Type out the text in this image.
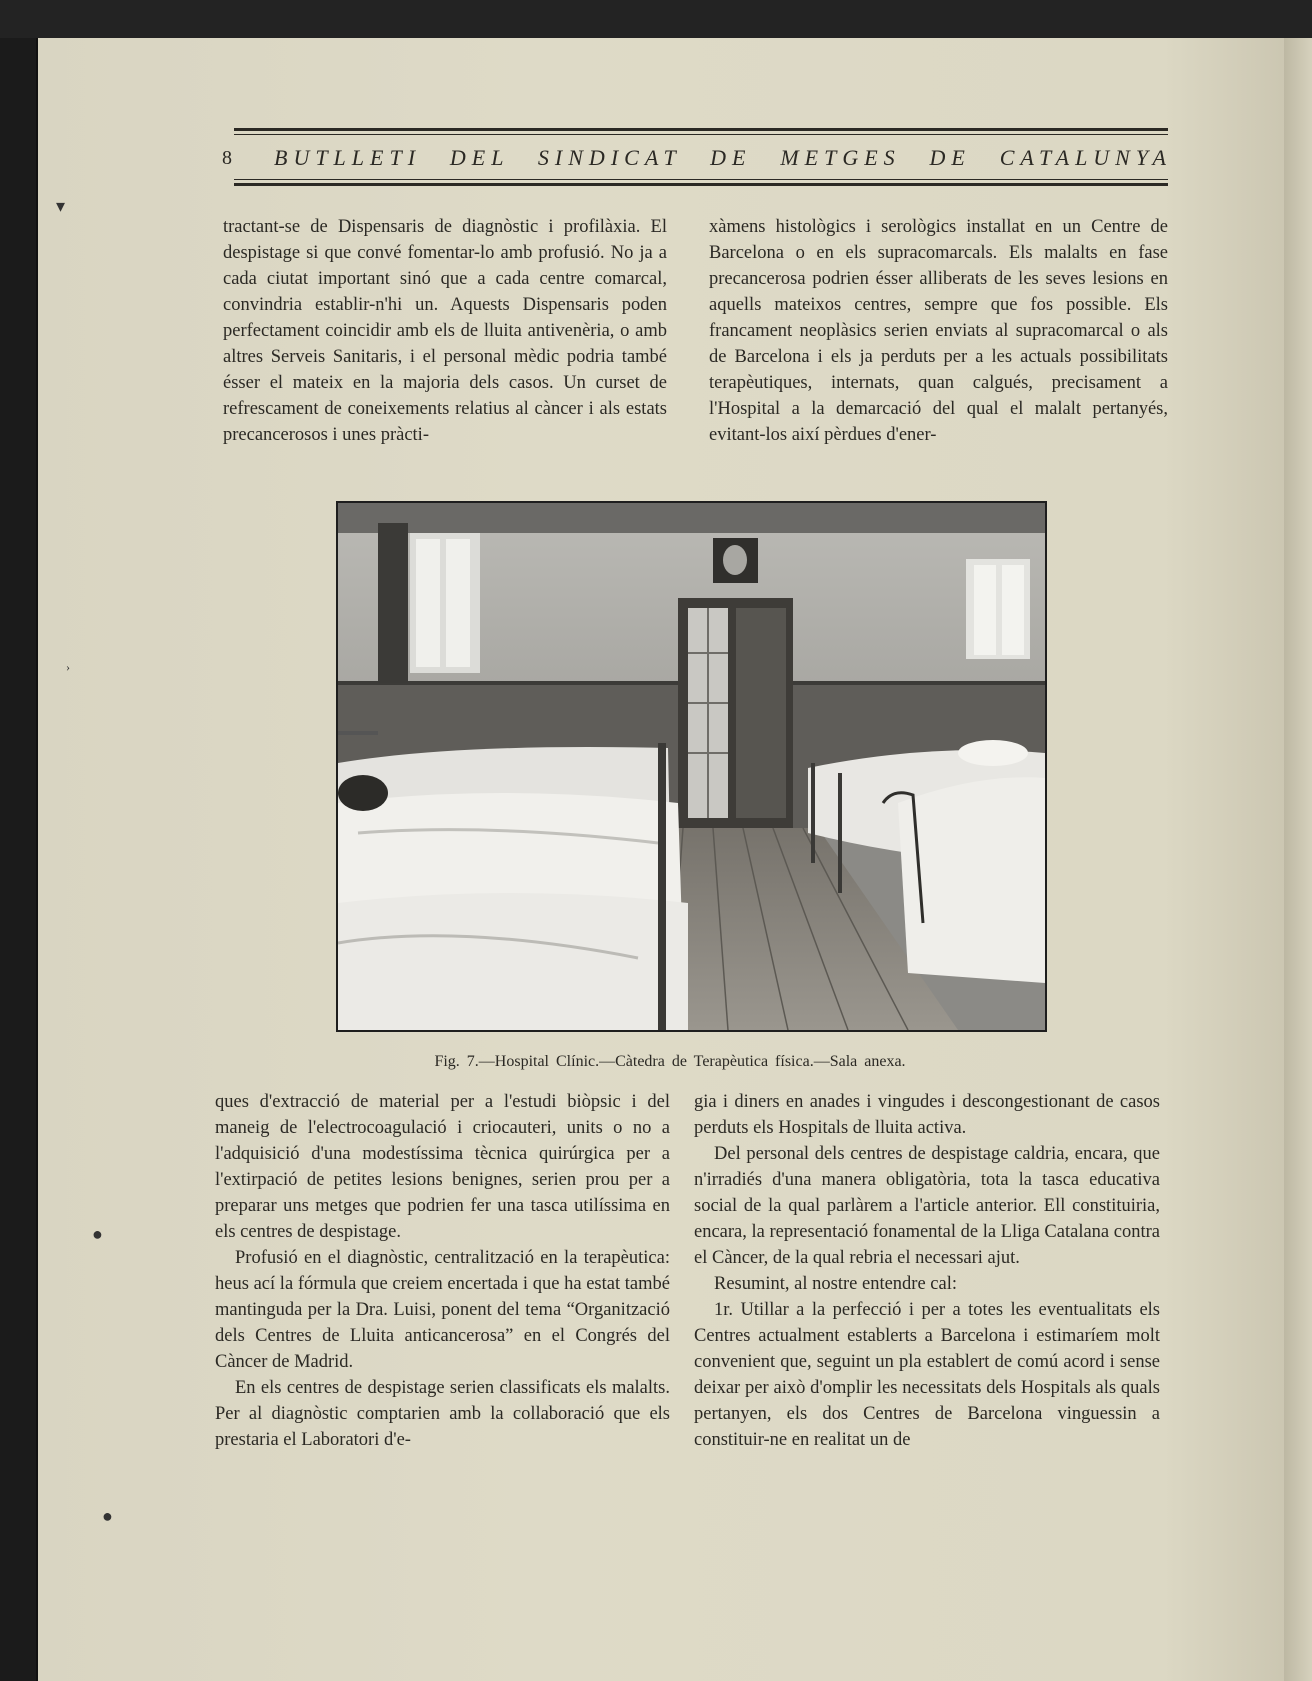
8	BUTLLETI DEL SINDICAT DE METGES DE CATALUNYA

tractant-se de Dispensaris de diagnòstic i profilàxia. El despistage si que convé fomentar-lo amb profusió. No ja a cada ciutat important sinó que a cada centre comarcal, convindria establir-n'hi un. Aquests Dispensaris poden perfectament coincidir amb els de lluita antivenèria, o amb altres Serveis Sanitaris, i el personal mèdic podria també ésser el mateix en la majoria dels casos. Un curset de refrescament de coneixements relatius al càncer i als estats precancerosos i unes pràcti-

xàmens histològics i serològics installat en un Centre de Barcelona o en els supracomarcals. Els malalts en fase precancerosa podrien ésser alliberats de les seves lesions en aquells mateixos centres, sempre que fos possible. Els francament neoplàsics serien enviats al supracomarcal o als de Barcelona i els ja perduts per a les actuals possibilitats terapèutiques, internats, quan calgués, precisament a l'Hospital a la demarcació del qual el malalt pertanyés, evitant-los així pèrdues d'ener-

Fig. 7.—Hospital Clínic.—Càtedra de Terapèutica física.—Sala anexa.

ques d'extracció de material per a l'estudi biòpsic i del maneig de l'electrocoagulació i criocauteri, units o no a l'adquisició d'una modestíssima tècnica quirúrgica per a l'extirpació de petites lesions benignes, serien prou per a preparar uns metges que podrien fer una tasca utilíssima en els centres de despistage.

Profusió en el diagnòstic, centralització en la terapèutica: heus ací la fórmula que creiem encertada i que ha estat també mantinguda per la Dra. Luisi, ponent del tema “Organització dels Centres de Lluita anticancerosa” en el Congrés del Càncer de Madrid.

En els centres de despistage serien classificats els malalts. Per al diagnòstic comptarien amb la collaboració que els prestaria el Laboratori d'e-

gia i diners en anades i vingudes i descongestionant de casos perduts els Hospitals de lluita activa.

Del personal dels centres de despistage caldria, encara, que n'irradiés d'una manera obligatòria, tota la tasca educativa social de la qual parlàrem a l'article anterior. Ell constituiria, encara, la representació fonamental de la Lliga Catalana contra el Càncer, de la qual rebria el necessari ajut.

Resumint, al nostre entendre cal:

1r. Utillar a la perfecció i per a totes les eventualitats els Centres actualment establerts a Barcelona i estimaríem molt convenient que, seguint un pla establert de comú acord i sense deixar per això d'omplir les necessitats dels Hospitals als quals pertanyen, els dos Centres de Barcelona vinguessin a constituir-ne en realitat un de

▾
›
●
●
